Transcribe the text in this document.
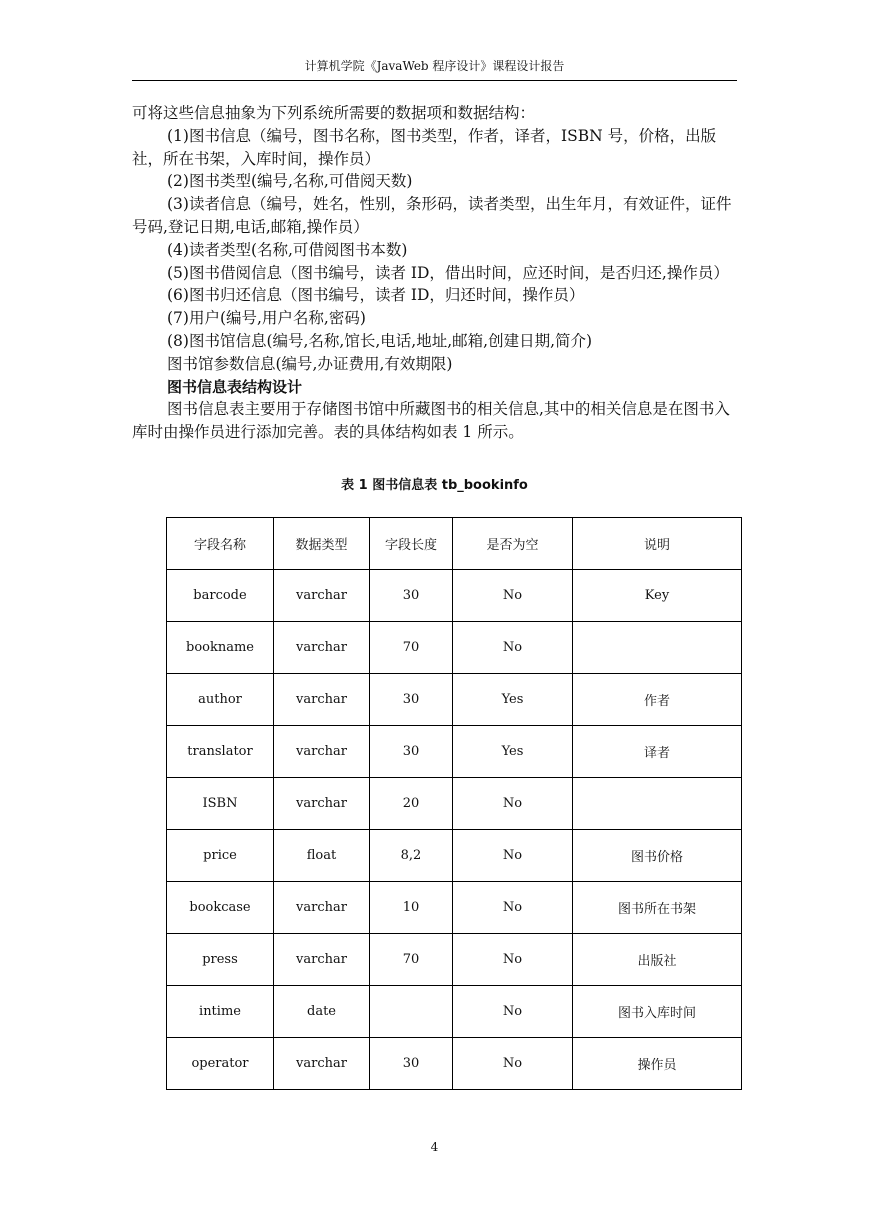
计算机学院《JavaWeb 程序设计》课程设计报告

可将这些信息抽象为下列系统所需要的数据项和数据结构：

(1)图书信息（编号，图书名称，图书类型，作者，译者，ISBN 号，价格，出版社，所在书架，入库时间，操作员）

(2)图书类型(编号,名称,可借阅天数)

(3)读者信息（编号，姓名，性别，条形码，读者类型，出生年月，有效证件，证件号码,登记日期,电话,邮箱,操作员）

(4)读者类型(名称,可借阅图书本数)

(5)图书借阅信息（图书编号，读者 ID，借出时间，应还时间，是否归还,操作员）

(6)图书归还信息（图书编号，读者 ID，归还时间，操作员）

(7)用户(编号,用户名称,密码)

(8)图书馆信息(编号,名称,馆长,电话,地址,邮箱,创建日期,简介)

图书馆参数信息(编号,办证费用,有效期限)

图书信息表结构设计

图书信息表主要用于存储图书馆中所藏图书的相关信息,其中的相关信息是在图书入库时由操作员进行添加完善。表的具体结构如表 1 所示。

表 1 图书信息表 tb_bookinfo
字段名称	数据类型	字段长度	是否为空	说明
barcode	varchar	30	No	Key
bookname	varchar	70	No	
author	varchar	30	Yes	作者
translator	varchar	30	Yes	译者
ISBN	varchar	20	No	
price	float	8,2	No	图书价格
bookcase	varchar	10	No	图书所在书架
press	varchar	70	No	出版社
intime	date		No	图书入库时间
operator	varchar	30	No	操作员
4
